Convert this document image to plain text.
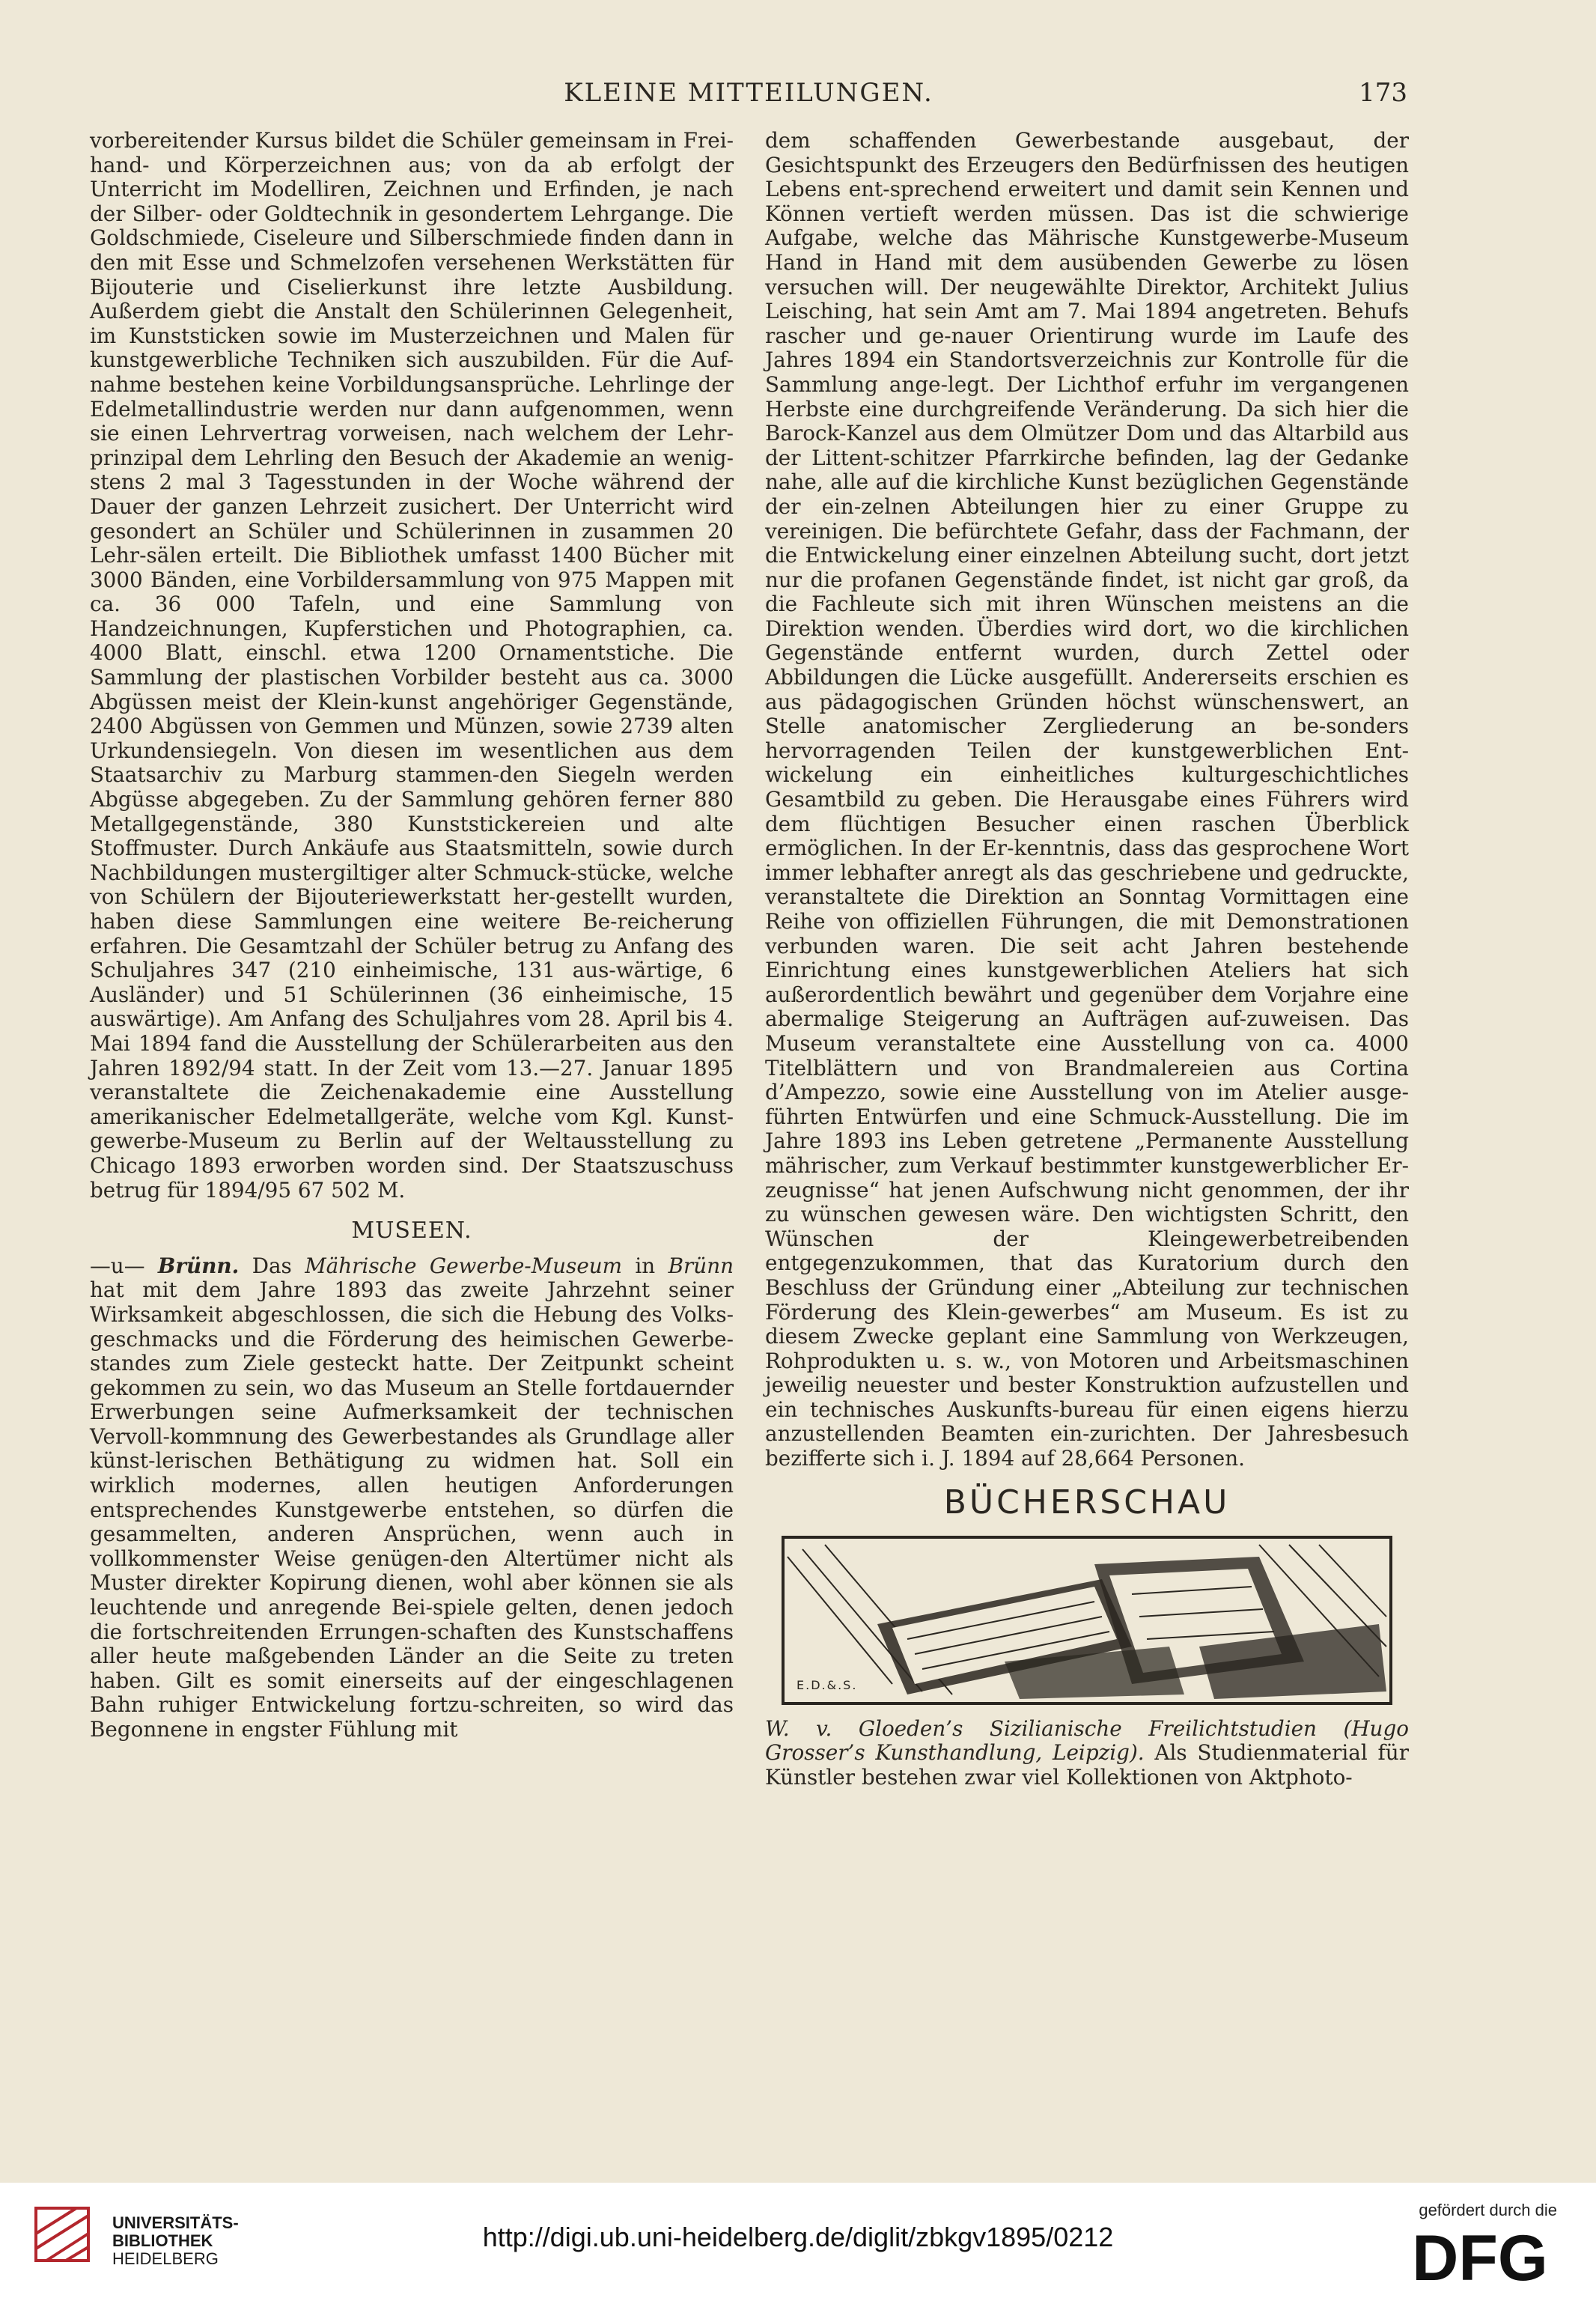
KLEINE MITTEILUNGEN.	173

vorbereitender Kursus bildet die Schüler gemeinsam in Frei-hand- und Körperzeichnen aus; von da ab erfolgt der Unterricht im Modelliren, Zeichnen und Erfinden, je nach der Silber- oder Goldtechnik in gesondertem Lehrgange. Die Goldschmiede, Ciseleure und Silberschmiede finden dann in den mit Esse und Schmelzofen versehenen Werkstätten für Bijouterie und Ciselierkunst ihre letzte Ausbildung. Außerdem giebt die Anstalt den Schülerinnen Gelegenheit, im Kunststicken sowie im Musterzeichnen und Malen für kunstgewerbliche Techniken sich auszubilden. Für die Auf-nahme bestehen keine Vorbildungsansprüche. Lehrlinge der Edelmetallindustrie werden nur dann aufgenommen, wenn sie einen Lehrvertrag vorweisen, nach welchem der Lehr-prinzipal dem Lehrling den Besuch der Akademie an wenig-stens 2 mal 3 Tagesstunden in der Woche während der Dauer der ganzen Lehrzeit zusichert. Der Unterricht wird gesondert an Schüler und Schülerinnen in zusammen 20 Lehr-sälen erteilt. Die Bibliothek umfasst 1400 Bücher mit 3000 Bänden, eine Vorbildersammlung von 975 Mappen mit ca. 36 000 Tafeln, und eine Sammlung von Handzeichnungen, Kupferstichen und Photographien, ca. 4000 Blatt, einschl. etwa 1200 Ornamentstiche. Die Sammlung der plastischen Vorbilder besteht aus ca. 3000 Abgüssen meist der Klein-kunst angehöriger Gegenstände, 2400 Abgüssen von Gemmen und Münzen, sowie 2739 alten Urkundensiegeln. Von diesen im wesentlichen aus dem Staatsarchiv zu Marburg stammen-den Siegeln werden Abgüsse abgegeben. Zu der Sammlung gehören ferner 880 Metallgegenstände, 380 Kunststickereien und alte Stoffmuster. Durch Ankäufe aus Staatsmitteln, sowie durch Nachbildungen mustergiltiger alter Schmuck-stücke, welche von Schülern der Bijouteriewerkstatt her-gestellt wurden, haben diese Sammlungen eine weitere Be-reicherung erfahren. Die Gesamtzahl der Schüler betrug zu Anfang des Schuljahres 347 (210 einheimische, 131 aus-wärtige, 6 Ausländer) und 51 Schülerinnen (36 einheimische, 15 auswärtige). Am Anfang des Schuljahres vom 28. April bis 4. Mai 1894 fand die Ausstellung der Schülerarbeiten aus den Jahren 1892/94 statt. In der Zeit vom 13.—27. Januar 1895 veranstaltete die Zeichenakademie eine Ausstellung amerikanischer Edelmetallgeräte, welche vom Kgl. Kunst-gewerbe-Museum zu Berlin auf der Weltausstellung zu Chicago 1893 erworben worden sind. Der Staatszuschuss betrug für 1894/95 67 502 M.

MUSEEN.

—u— Brünn. Das Mährische Gewerbe-Museum in Brünn hat mit dem Jahre 1893 das zweite Jahrzehnt seiner Wirksamkeit abgeschlossen, die sich die Hebung des Volks-geschmacks und die Förderung des heimischen Gewerbe-standes zum Ziele gesteckt hatte. Der Zeitpunkt scheint gekommen zu sein, wo das Museum an Stelle fortdauernder Erwerbungen seine Aufmerksamkeit der technischen Vervoll-kommnung des Gewerbestandes als Grundlage aller künst-lerischen Bethätigung zu widmen hat. Soll ein wirklich modernes, allen heutigen Anforderungen entsprechendes Kunstgewerbe entstehen, so dürfen die gesammelten, anderen Ansprüchen, wenn auch in vollkommenster Weise genügen-den Altertümer nicht als Muster direkter Kopirung dienen, wohl aber können sie als leuchtende und anregende Bei-spiele gelten, denen jedoch die fortschreitenden Errungen-schaften des Kunstschaffens aller heute maßgebenden Länder an die Seite zu treten haben. Gilt es somit einerseits auf der eingeschlagenen Bahn ruhiger Entwickelung fortzu-schreiten, so wird das Begonnene in engster Fühlung mit

dem schaffenden Gewerbestande ausgebaut, der Gesichtspunkt des Erzeugers den Bedürfnissen des heutigen Lebens ent-sprechend erweitert und damit sein Kennen und Können vertieft werden müssen. Das ist die schwierige Aufgabe, welche das Mährische Kunstgewerbe-Museum Hand in Hand mit dem ausübenden Gewerbe zu lösen versuchen will. Der neugewählte Direktor, Architekt Julius Leisching, hat sein Amt am 7. Mai 1894 angetreten. Behufs rascher und ge-nauer Orientirung wurde im Laufe des Jahres 1894 ein Standortsverzeichnis zur Kontrolle für die Sammlung ange-legt. Der Lichthof erfuhr im vergangenen Herbste eine durchgreifende Veränderung. Da sich hier die Barock-Kanzel aus dem Olmützer Dom und das Altarbild aus der Littent-schitzer Pfarrkirche befinden, lag der Gedanke nahe, alle auf die kirchliche Kunst bezüglichen Gegenstände der ein-zelnen Abteilungen hier zu einer Gruppe zu vereinigen. Die befürchtete Gefahr, dass der Fachmann, der die Entwickelung einer einzelnen Abteilung sucht, dort jetzt nur die profanen Gegenstände findet, ist nicht gar groß, da die Fachleute sich mit ihren Wünschen meistens an die Direktion wenden. Überdies wird dort, wo die kirchlichen Gegenstände entfernt wurden, durch Zettel oder Abbildungen die Lücke ausgefüllt. Andererseits erschien es aus pädagogischen Gründen höchst wünschenswert, an Stelle anatomischer Zergliederung an be-sonders hervorragenden Teilen der kunstgewerblichen Ent-wickelung ein einheitliches kulturgeschichtliches Gesamtbild zu geben. Die Herausgabe eines Führers wird dem flüchtigen Besucher einen raschen Überblick ermöglichen. In der Er-kenntnis, dass das gesprochene Wort immer lebhafter anregt als das geschriebene und gedruckte, veranstaltete die Direktion an Sonntag Vormittagen eine Reihe von offiziellen Führungen, die mit Demonstrationen verbunden waren. Die seit acht Jahren bestehende Einrichtung eines kunstgewerblichen Ateliers hat sich außerordentlich bewährt und gegenüber dem Vorjahre eine abermalige Steigerung an Aufträgen auf-zuweisen. Das Museum veranstaltete eine Ausstellung von ca. 4000 Titelblättern und von Brandmalereien aus Cortina d’Ampezzo, sowie eine Ausstellung von im Atelier ausge-führten Entwürfen und eine Schmuck-Ausstellung. Die im Jahre 1893 ins Leben getretene „Permanente Ausstellung mährischer, zum Verkauf bestimmter kunstgewerblicher Er-zeugnisse“ hat jenen Aufschwung nicht genommen, der ihr zu wünschen gewesen wäre. Den wichtigsten Schritt, den Wünschen der Kleingewerbetreibenden entgegenzukommen, that das Kuratorium durch den Beschluss der Gründung einer „Abteilung zur technischen Förderung des Klein-gewerbes“ am Museum. Es ist zu diesem Zwecke geplant eine Sammlung von Werkzeugen, Rohprodukten u. s. w., von Motoren und Arbeitsmaschinen jeweilig neuester und bester Konstruktion aufzustellen und ein technisches Auskunfts-bureau für einen eigens hierzu anzustellenden Beamten ein-zurichten. Der Jahresbesuch bezifferte sich i. J. 1894 auf 28,664 Personen.

BÜCHERSCHAU
E.D.&.S.

W. v. Gloeden’s Sizilianische Freilichtstudien (Hugo Grosser’s Kunsthandlung, Leipzig). Als Studienmaterial für Künstler bestehen zwar viel Kollektionen von Aktphoto-

UNIVERSITÄTS-
BIBLIOTHEK
HEIDELBERG
http://digi.ub.uni-heidelberg.de/diglit/zbkgv1895/0212
gefördert durch die
DFG
